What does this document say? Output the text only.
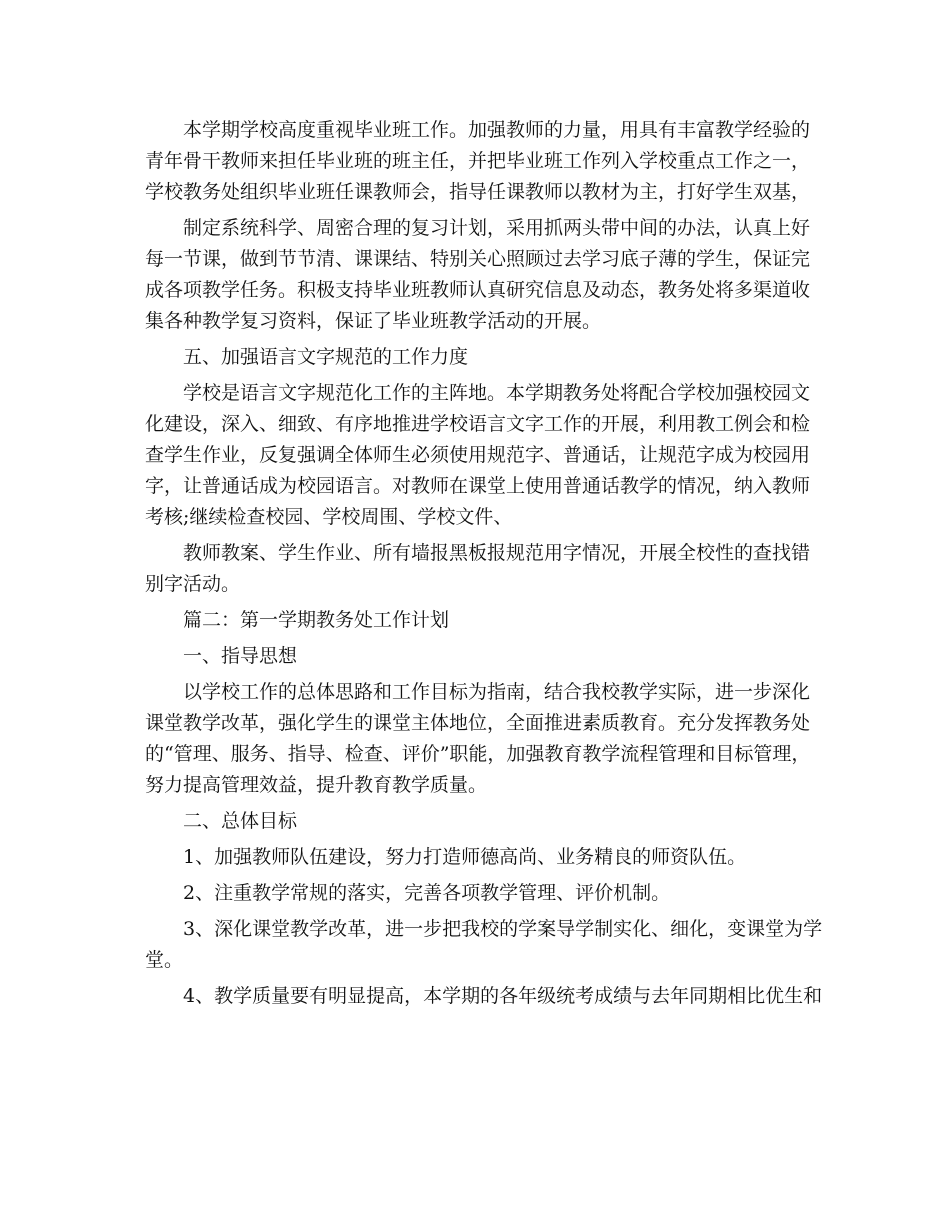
本学期学校高度重视毕业班工作。加强教师的力量，用具有丰富教学经验的
青年骨干教师来担任毕业班的班主任，并把毕业班工作列入学校重点工作之一，
学校教务处组织毕业班任课教师会，指导任课教师以教材为主，打好学生双基，
制定系统科学、周密合理的复习计划，采用抓两头带中间的办法，认真上好
每一节课，做到节节清、课课结、特别关心照顾过去学习底子薄的学生，保证完
成各项教学任务。积极支持毕业班教师认真研究信息及动态，教务处将多渠道收
集各种教学复习资料，保证了毕业班教学活动的开展。
五、加强语言文字规范的工作力度
学校是语言文字规范化工作的主阵地。本学期教务处将配合学校加强校园文
化建设，深入、细致、有序地推进学校语言文字工作的开展，利用教工例会和检
查学生作业，反复强调全体师生必须使用规范字、普通话，让规范字成为校园用
字，让普通话成为校园语言。对教师在课堂上使用普通话教学的情况，纳入教师
考核;继续检查校园、学校周围、学校文件、
教师教案、学生作业、所有墙报黑板报规范用字情况，开展全校性的查找错
别字活动。
篇二：第一学期教务处工作计划
一、指导思想
以学校工作的总体思路和工作目标为指南，结合我校教学实际，进一步深化
课堂教学改革，强化学生的课堂主体地位，全面推进素质教育。充分发挥教务处
的“管理、服务、指导、检查、评价”职能，加强教育教学流程管理和目标管理，
努力提高管理效益，提升教育教学质量。
二、总体目标
1、加强教师队伍建设，努力打造师德高尚、业务精良的师资队伍。
2、注重教学常规的落实，完善各项教学管理、评价机制。
3、深化课堂教学改革，进一步把我校的学案导学制实化、细化，变课堂为学
堂。
4、教学质量要有明显提高，本学期的各年级统考成绩与去年同期相比优生和
